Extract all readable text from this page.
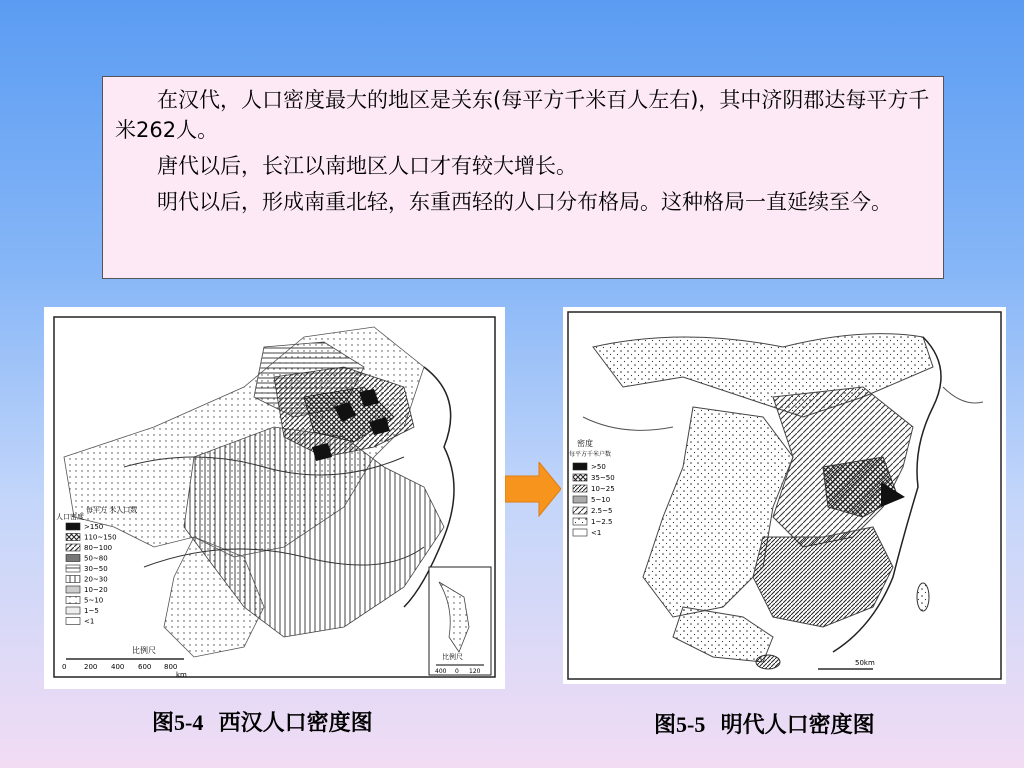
在汉代，人口密度最大的地区是关东(每平方千米百人左右)，其中济阴郡达每平方千米262人。

唐代以后，长江以南地区人口才有较大增长。

明代以后，形成南重北轻，东重西轻的人口分布格局。这种格局一直延续至今。

比例尺
400 0 120
人口密度
每平方 米人口数
>150
110~150
80~100
50~80
30~50
20~30
10~20
5~10
1~5
<1
比例尺
0	200 400 600 800
km
密度
每平方千米户数
>50
35~50
10~25
5~10
2.5~5
1~2.5
<1
50km
图5-4 西汉人口密度图	图5-5 明代人口密度图
